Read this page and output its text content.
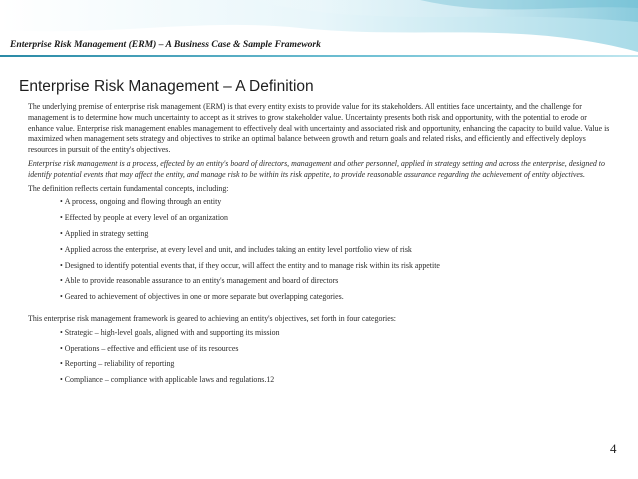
Enterprise Risk Management (ERM) – A Business Case & Sample Framework
Enterprise Risk Management – A Definition

The underlying premise of enterprise risk management (ERM) is that every entity exists to provide value for its stakeholders. All entities face uncertainty, and the challenge for management is to determine how much uncertainty to accept as it strives to grow stakeholder value. Uncertainty presents both risk and opportunity, with the potential to erode or enhance value. Enterprise risk management enables management to effectively deal with uncertainty and associated risk and opportunity, enhancing the capacity to build value. Value is maximized when management sets strategy and objectives to strike an optimal balance between growth and return goals and related risks, and efficiently and effectively deploys resources in pursuit of the entity's objectives.

Enterprise risk management is a process, effected by an entity's board of directors, management and other personnel, applied in strategy setting and across the enterprise, designed to identify potential events that may affect the entity, and manage risk to be within its risk appetite, to provide reasonable assurance regarding the achievement of entity objectives.

The definition reflects certain fundamental concepts, including:

• A process, ongoing and flowing through an entity
• Effected by people at every level of an organization
• Applied in strategy setting
• Applied across the enterprise, at every level and unit, and includes taking an entity level portfolio view of risk
• Designed to identify potential events that, if they occur, will affect the entity and to manage risk within its risk appetite
• Able to provide reasonable assurance to an entity's management and board of directors
• Geared to achievement of objectives in one or more separate but overlapping categories.

This enterprise risk management framework is geared to achieving an entity's objectives, set forth in four categories:

• Strategic – high-level goals, aligned with and supporting its mission
• Operations – effective and efficient use of its resources
• Reporting – reliability of reporting
• Compliance – compliance with applicable laws and regulations.12
4
